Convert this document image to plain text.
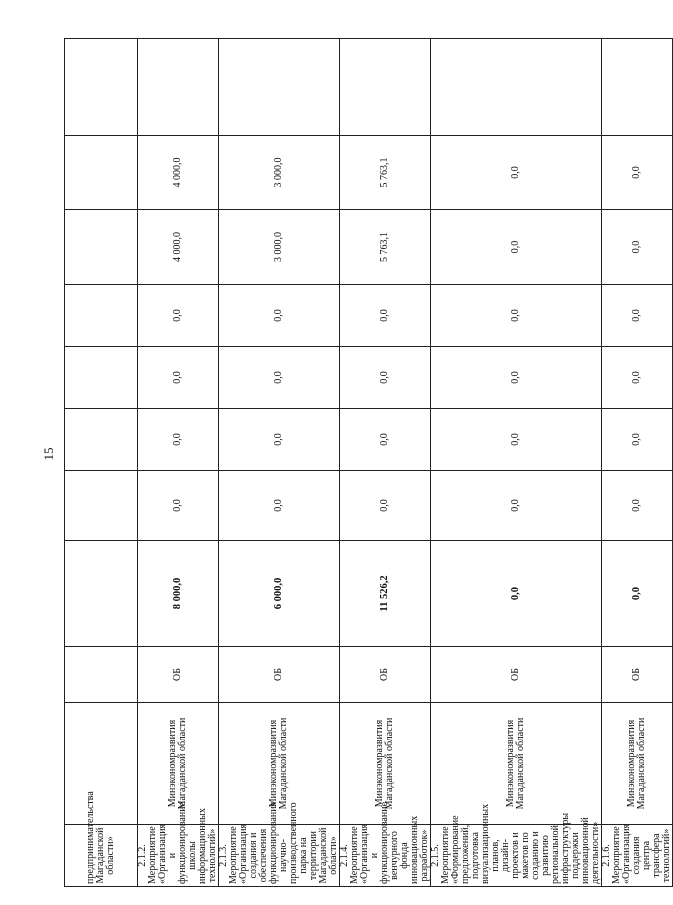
15
предпринимательства Магаданской области»										
2.1.2. Мероприятие «Организация и функционирование школы информационных технологий»	Минэкономразвития Магаданской области	ОБ	8 000,0	0,0	0,0	0,0	0,0	4 000,0	4 000,0	
2.1.3. Мероприятие «Организация создания и обеспечения функционирования научно-производственного парка на территории Магаданской области»	Минэкономразвития Магаданской области	ОБ	6 000,0	0,0	0,0	0,0	0,0	3 000,0	3 000,0	
2.1.4. Мероприятие «Организация и функционирование венчурного фонда инновационных разработок»	Минэкономразвития Магаданской области	ОБ	11 526,2	0,0	0,0	0,0	0,0	5 763,1	5 763,1	
2.1.5. Мероприятие «Формирование предложений, подготовка визуализационных планов, дизайн-проектов и макетов по созданию и развитию региональной инфраструктуры поддержки инновационной деятельности»	Минэкономразвития Магаданской области	ОБ	0,0	0,0	0,0	0,0	0,0	0,0	0,0	
2.1.6. Мероприятие «Организация создания центра трансфера технологий»	Минэкономразвития Магаданской области	ОБ	0,0	0,0	0,0	0,0	0,0	0,0	0,0	
